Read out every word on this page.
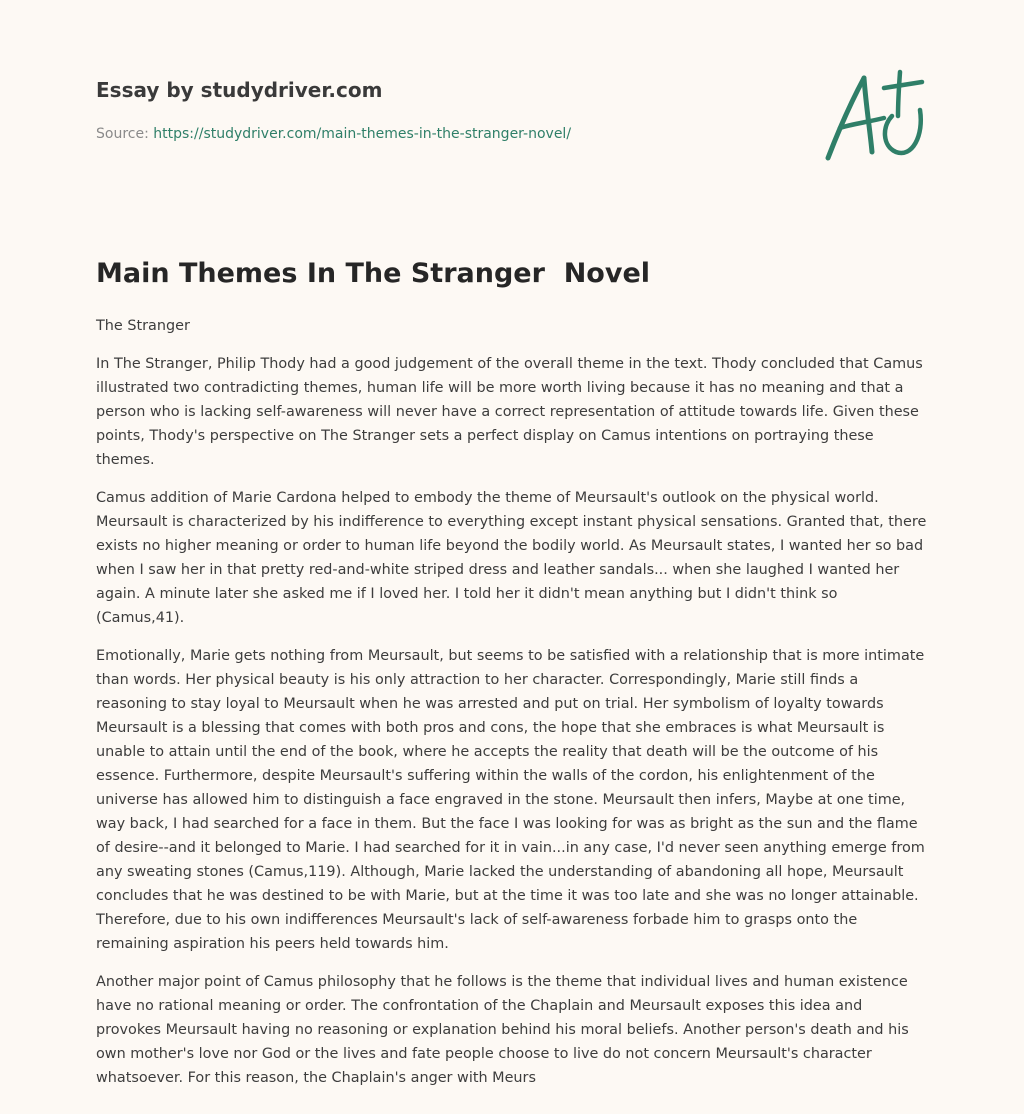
Essay by studydriver.com
Source: https://studydriver.com/main-themes-in-the-stranger-novel/
Main Themes In The Stranger  Novel

The Stranger

In The Stranger, Philip Thody had a good judgement of the overall theme in the text. Thody concluded that Camus illustrated two contradicting themes, human life will be more worth living because it has no meaning and that a person who is lacking self-awareness will never have a correct representation of attitude towards life. Given these points, Thody's perspective on The Stranger sets a perfect display on Camus intentions on portraying these themes.

Camus addition of Marie Cardona helped to embody the theme of Meursault's outlook on the physical world. Meursault is characterized by his indifference to everything except instant physical sensations. Granted that, there exists no higher meaning or order to human life beyond the bodily world. As Meursault states, I wanted her so bad when I saw her in that pretty red-and-white striped dress and leather sandals... when she laughed I wanted her again. A minute later she asked me if I loved her. I told her it didn't mean anything but I didn't think so (Camus,41).

Emotionally, Marie gets nothing from Meursault, but seems to be satisfied with a relationship that is more intimate than words. Her physical beauty is his only attraction to her character. Correspondingly, Marie still finds a reasoning to stay loyal to Meursault when he was arrested and put on trial. Her symbolism of loyalty towards Meursault is a blessing that comes with both pros and cons, the hope that she embraces is what Meursault is unable to attain until the end of the book, where he accepts the reality that death will be the outcome of his essence. Furthermore, despite Meursault's suffering within the walls of the cordon, his enlightenment of the universe has allowed him to distinguish a face engraved in the stone. Meursault then infers, Maybe at one time, way back, I had searched for a face in them. But the face I was looking for was as bright as the sun and the flame of desire--and it belonged to Marie. I had searched for it in vain...in any case, I'd never seen anything emerge from any sweating stones (Camus,119). Although, Marie lacked the understanding of abandoning all hope, Meursault concludes that he was destined to be with Marie, but at the time it was too late and she was no longer attainable. Therefore, due to his own indifferences Meursault's lack of self-awareness forbade him to grasps onto the remaining aspiration his peers held towards him.

Another major point of Camus philosophy that he follows is the theme that individual lives and human existence have no rational meaning or order. The confrontation of the Chaplain and Meursault exposes this idea and provokes Meursault having no reasoning or explanation behind his moral beliefs. Another person's death and his own mother's love nor God or the lives and fate people choose to live do not concern Meursault's character whatsoever. For this reason, the Chaplain's anger with Meurs
